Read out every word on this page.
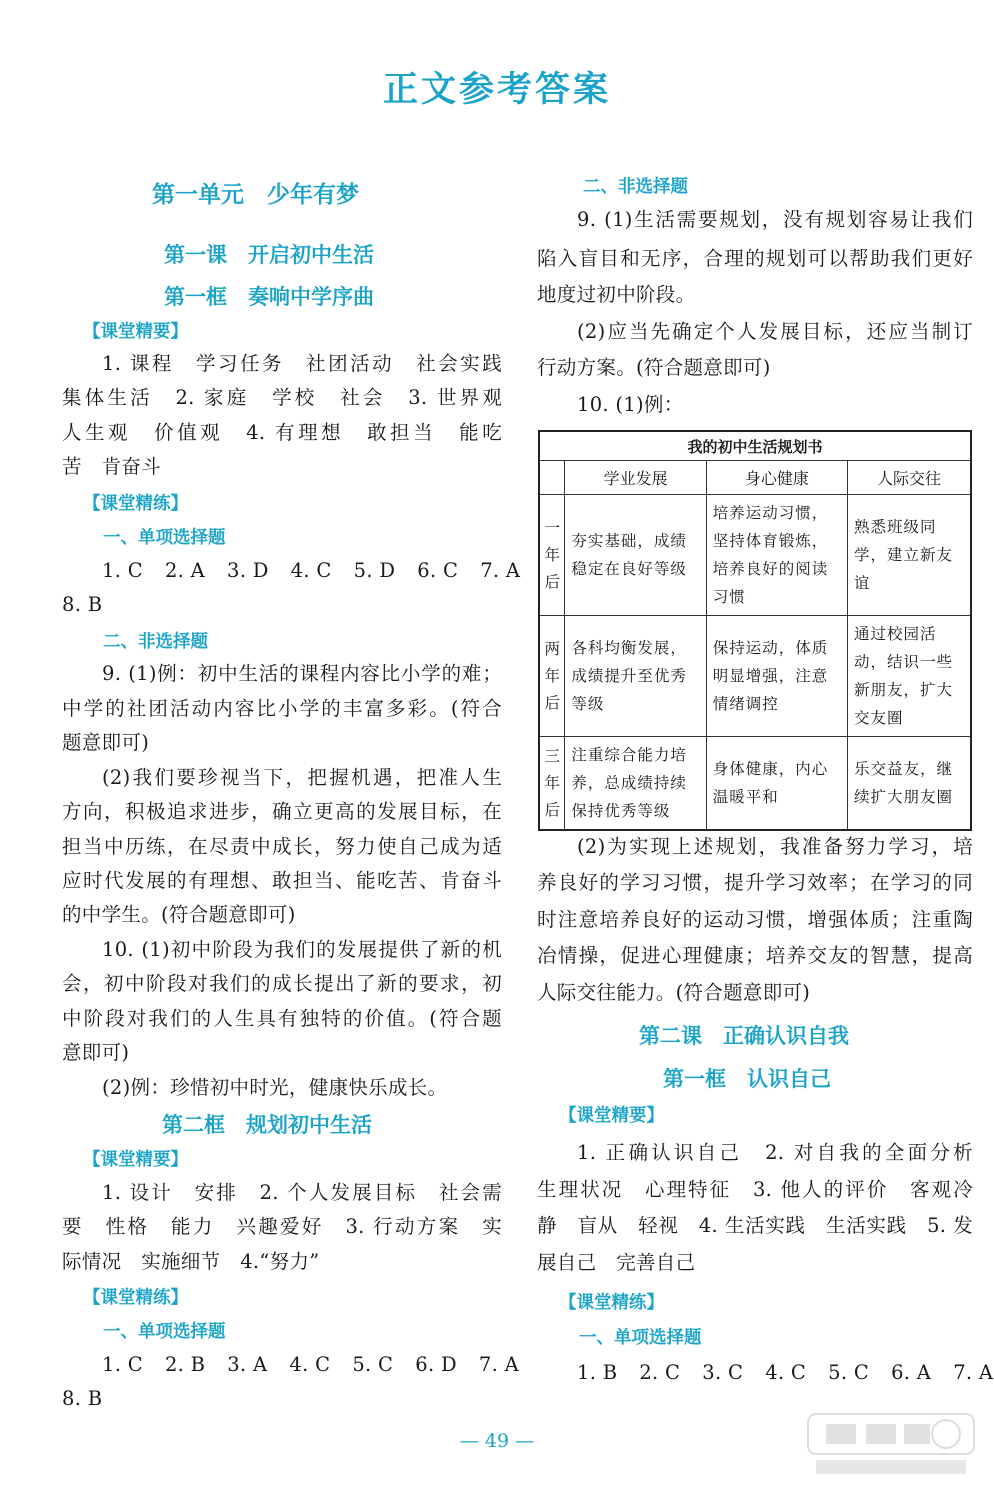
正文参考答案
第一单元　少年有梦
第一课　开启初中生活
第一框　奏响中学序曲
【课堂精要】
1. 课程　学习任务　社团活动　社会实践
集体生活　2. 家庭　学校　社会　3. 世界观
人生观　价值观　4. 有理想　敢担当　能吃
苦　肯奋斗
【课堂精练】
一、单项选择题
1. C 2. A 3. D 4. C 5. D 6. C 7. A
8. B
二、非选择题
9. (1)例：初中生活的课程内容比小学的难；
中学的社团活动内容比小学的丰富多彩。(符合
题意即可)
(2)我们要珍视当下，把握机遇，把准人生
方向，积极追求进步，确立更高的发展目标，在
担当中历练，在尽责中成长，努力使自己成为适
应时代发展的有理想、敢担当、能吃苦、肯奋斗
的中学生。(符合题意即可)
10. (1)初中阶段为我们的发展提供了新的机
会，初中阶段对我们的成长提出了新的要求，初
中阶段对我们的人生具有独特的价值。(符合题
意即可)
(2)例：珍惜初中时光，健康快乐成长。
第二框　规划初中生活
【课堂精要】
1. 设计　安排　2. 个人发展目标　社会需
要　性格　能力　兴趣爱好　3. 行动方案　实
际情况　实施细节　4.“努力”
【课堂精练】
一、单项选择题
1. C 2. B 3. A 4. C 5. C 6. D 7. A
8. B
二、非选择题
9. (1)生活需要规划，没有规划容易让我们
陷入盲目和无序，合理的规划可以帮助我们更好
地度过初中阶段。
(2)应当先确定个人发展目标，还应当制订
行动方案。(符合题意即可)
10. (1)例：
我的初中生活规划书			
	学业发展	身心健康	人际交往
一
年
后	夯实基础，成绩稳定在良好等级	培养运动习惯，坚持体育锻炼，培养良好的阅读习惯	熟悉班级同学，建立新友谊
两
年
后	各科均衡发展，成绩提升至优秀等级	保持运动，体质明显增强，注意情绪调控	通过校园活动，结识一些新朋友，扩大交友圈
三
年
后	注重综合能力培养，总成绩持续保持优秀等级	身体健康，内心温暖平和	乐交益友，继续扩大朋友圈
(2)为实现上述规划，我准备努力学习，培
养良好的学习习惯，提升学习效率；在学习的同
时注意培养良好的运动习惯，增强体质；注重陶
冶情操，促进心理健康；培养交友的智慧，提高
人际交往能力。(符合题意即可)
第二课　正确认识自我
第一框　认识自己
【课堂精要】
1. 正确认识自己　2. 对自我的全面分析
生理状况　心理特征　3. 他人的评价　客观冷
静　盲从　轻视　4. 生活实践　生活实践　5. 发
展自己　完善自己
【课堂精练】
一、单项选择题
1. B 2. C 3. C 4. C 5. C 6. A 7. A
— 49 —
